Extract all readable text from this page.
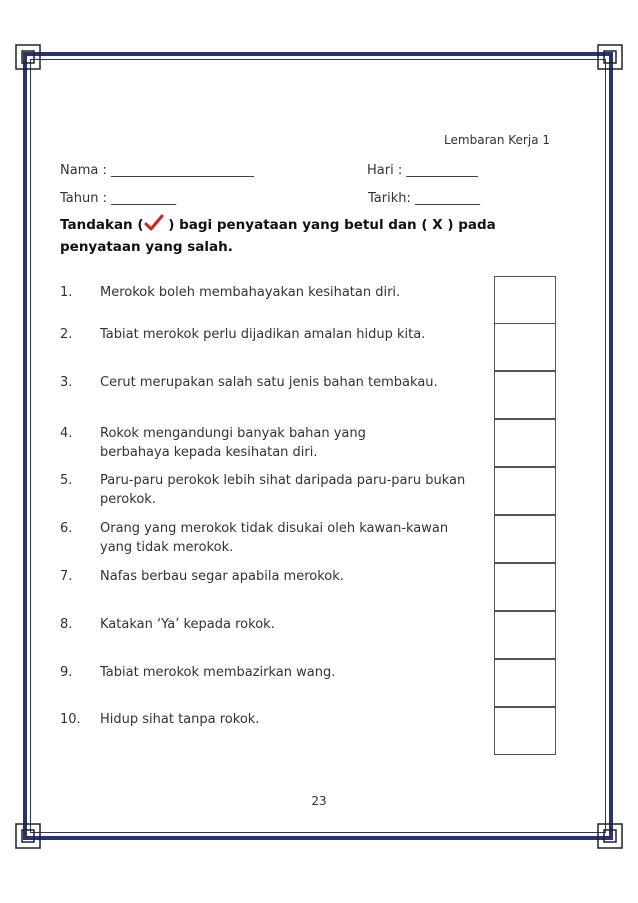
Lembaran Kerja 1
Nama : ______________________	Hari : ___________
Tahun : __________	Tarikh: __________
Tandakan ( ) bagi penyataan yang betul dan ( X ) pada penyataan yang salah.
1.	Merokok boleh membahayakan kesihatan diri.
2.	Tabiat merokok perlu dijadikan amalan hidup kita.
3.	Cerut merupakan salah satu jenis bahan tembakau.
4.	Rokok mengandungi banyak bahan yang berbahaya kepada kesihatan diri.
5.	Paru-paru perokok lebih sihat daripada paru-paru bukan perokok.
6.	Orang yang merokok tidak disukai oleh kawan-kawan yang tidak merokok.
7.	Nafas berbau segar apabila merokok.
8.	Katakan ‘Ya’ kepada rokok.
9.	Tabiat merokok membazirkan wang.
10.	Hidup sihat tanpa rokok.
23
